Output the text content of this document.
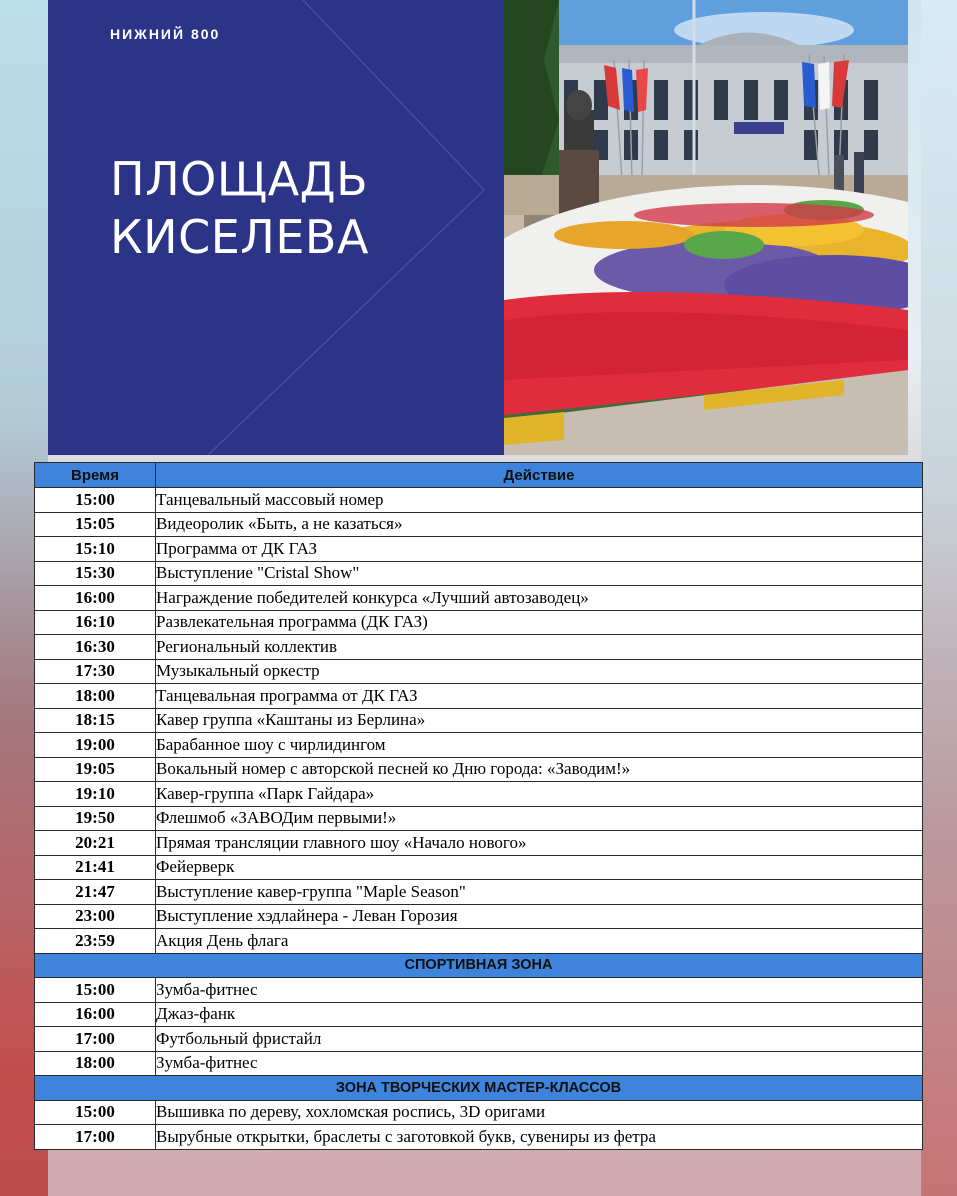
НИЖНИЙ 800
ПЛОЩАДЬ
КИСЕЛЕВА
Время	Действие
15:00	Танцевальный массовый номер
15:05	Видеоролик «Быть, а не казаться»
15:10	Программа от ДК ГАЗ
15:30	Выступление "Cristal Show"
16:00	Награждение победителей конкурса «Лучший автозаводец»
16:10	Развлекательная программа (ДК ГАЗ)
16:30	Региональный коллектив
17:30	Музыкальный оркестр
18:00	Танцевальная программа от ДК ГАЗ
18:15	Кавер группа «Каштаны из Берлина»
19:00	Барабанное шоу с чирлидингом
19:05	Вокальный номер с авторской песней ко Дню города: «Заводим!»
19:10	Кавер-группа «Парк Гайдара»
19:50	Флешмоб «ЗАВОДим первыми!»
20:21	Прямая трансляции главного шоу «Начало нового»
21:41	Фейерверк
21:47	Выступление кавер-группа "Maple Season"
23:00	Выступление хэдлайнера - Леван Горозия
23:59	Акция День флага
СПОРТИВНАЯ ЗОНА	
15:00	Зумба-фитнес
16:00	Джаз-фанк
17:00	Футбольный фристайл
18:00	Зумба-фитнес
ЗОНА ТВОРЧЕСКИХ МАСТЕР-КЛАССОВ	
15:00	Вышивка по дереву, хохломская роспись, 3D оригами
17:00	Вырубные открытки, браслеты с заготовкой букв, сувениры из фетра
